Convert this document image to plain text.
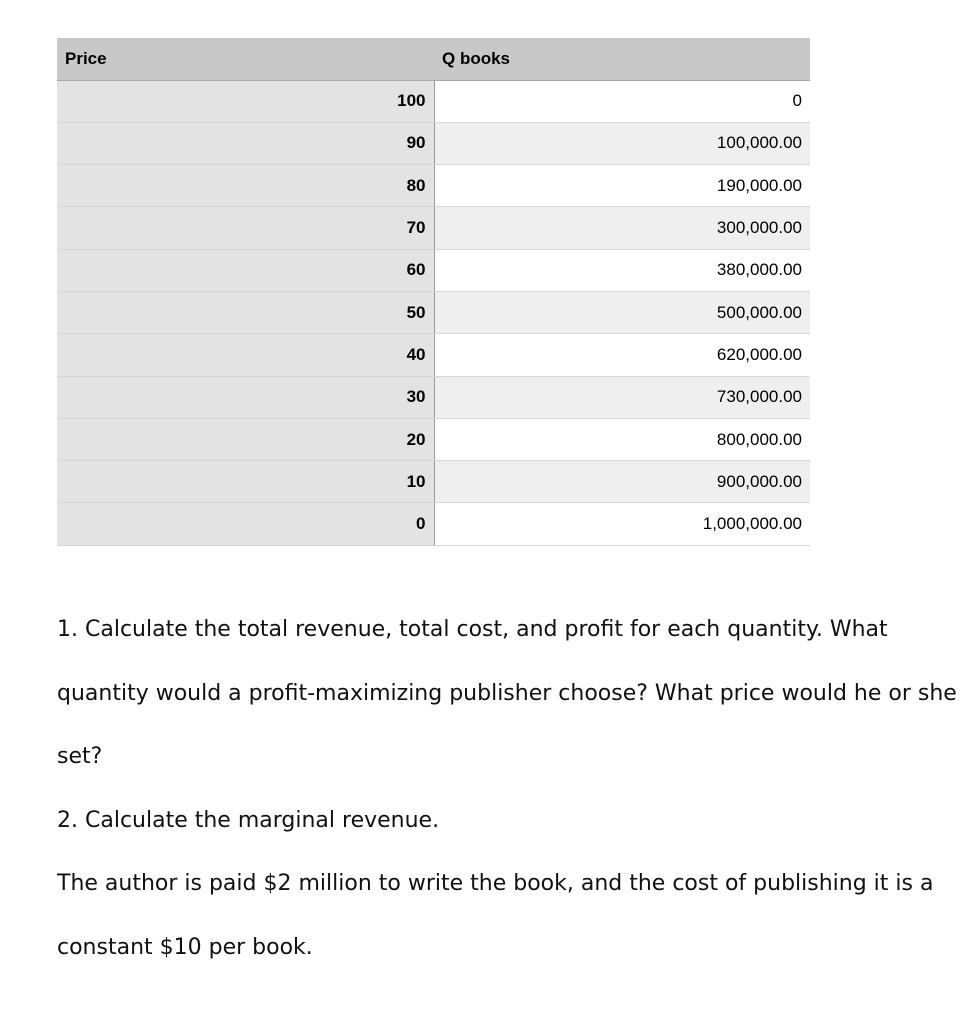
Price	Q books
100	0
90	100,000.00
80	190,000.00
70	300,000.00
60	380,000.00
50	500,000.00
40	620,000.00
30	730,000.00
20	800,000.00
10	900,000.00
0	1,000,000.00

1. Calculate the total revenue, total cost, and profit for each quantity. What quantity would a profit-maximizing publisher choose? What price would he or she set?

2. Calculate the marginal revenue.

The author is paid $2 million to write the book, and the cost of publishing it is a constant $10 per book.
